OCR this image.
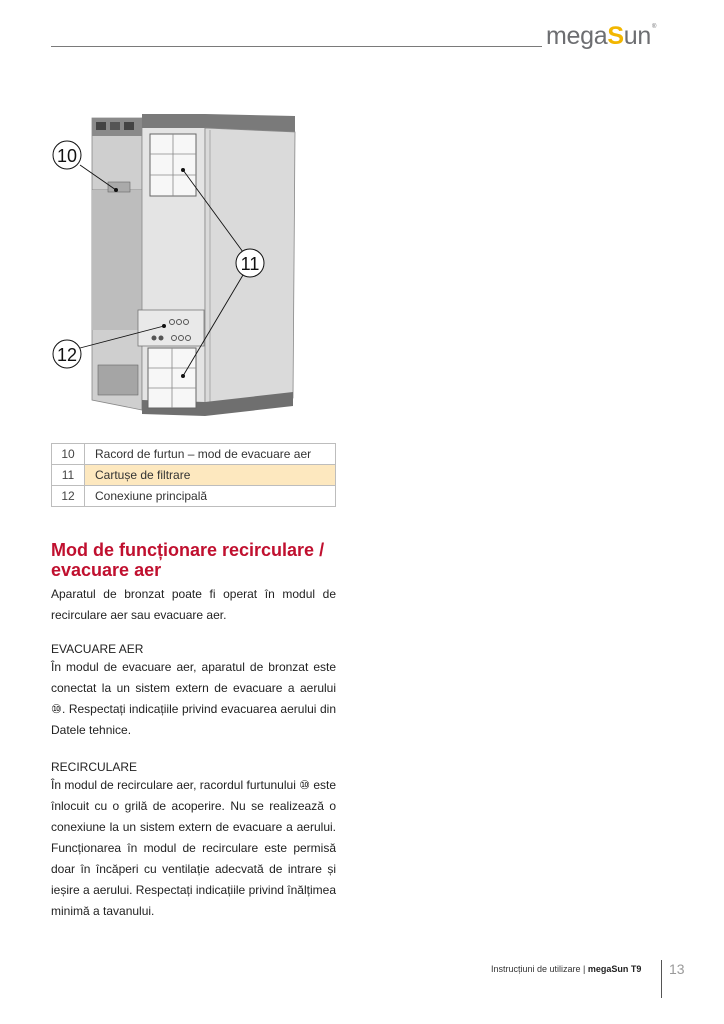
megaSun®
10
11
12
10	Racord de furtun – mod de evacuare aer
11	Cartușe de filtrare
12	Conexiune principală
Mod de funcționare recirculare / evacuare aer

Aparatul de bronzat poate fi operat în modul de recirculare aer sau evacuare aer.

EVACUARE AER

În modul de evacuare aer, aparatul de bronzat este conectat la un sistem extern de evacuare a aerului ⑩. Respectați indicațiile privind evacuarea aerului din Datele tehnice.

RECIRCULARE

În modul de recirculare aer, racordul furtunului ⑩ este înlocuit cu o grilă de acoperire. Nu se realizează o conexiune la un sistem extern de evacuare a aerului. Funcționarea în modul de recirculare este permisă doar în încăperi cu ventilație adecvată de intrare și ieșire a aerului. Respectați indicațiile privind înălțimea minimă a tavanului.

Instrucțiuni de utilizare | megaSun T9 13
